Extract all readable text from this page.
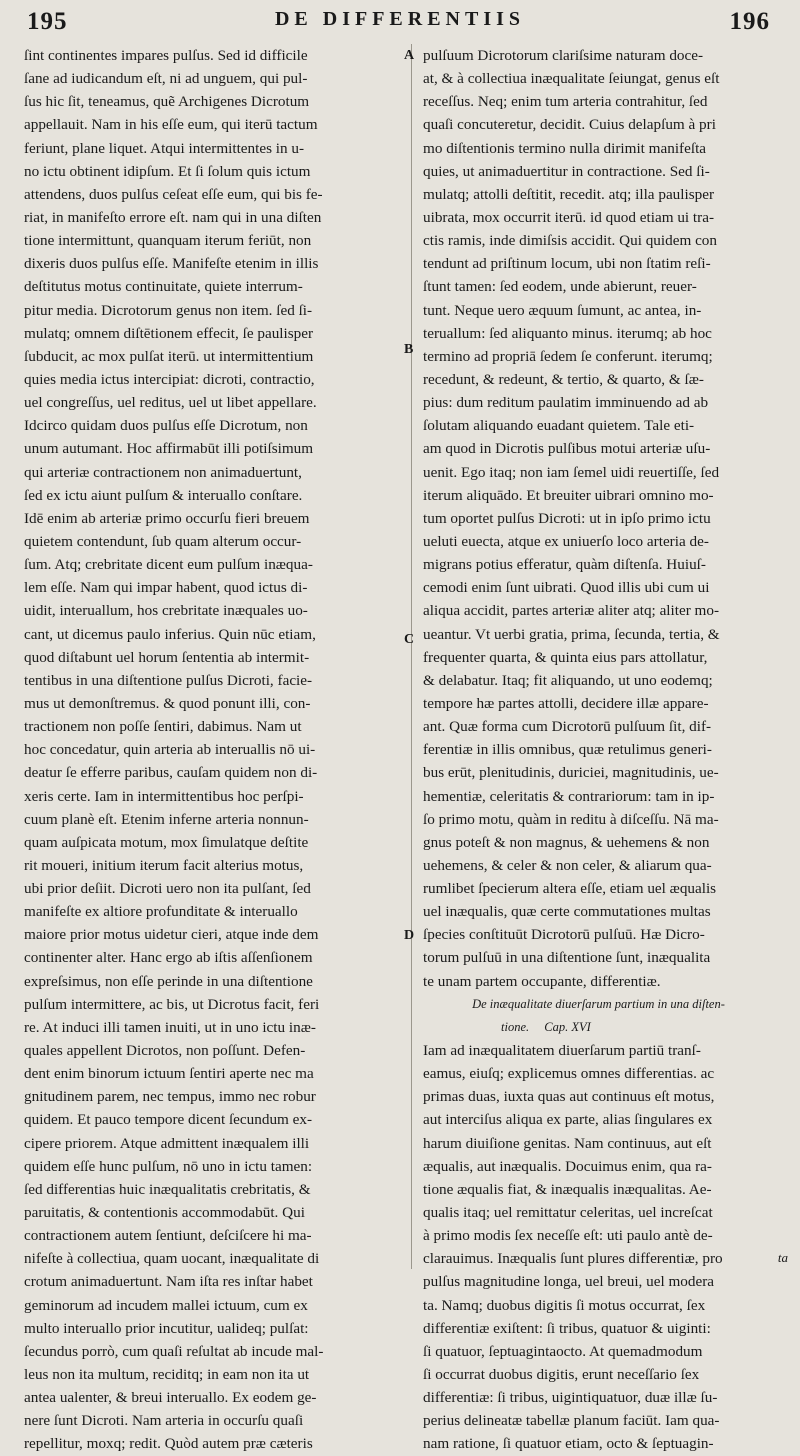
195	DE DIFFERENTIIS	196
A
B
C
D
ſint continentes impares pulſus. Sed id difficile
ſane ad iudicandum eſt, ni ad unguem, qui pul-
ſus hic ſit, teneamus, quẽ Archigenes Dicrotum
appellauit. Nam in his eſſe eum, qui iterū tactum
feriunt, plane liquet. Atqui intermittentes in u-
no ictu obtinent idipſum. Et ſi ſolum quis ictum
attendens, duos pulſus ceſeat eſſe eum, qui bis fe-
riat, in manifeſto errore eſt. nam qui in una diſten
tione intermittunt, quanquam iterum feriūt, non
dixeris duos pulſus eſſe. Manifeſte etenim in illis
deſtitutus motus continuitate, quiete interrum-
pitur media. Dicrotorum genus non item. ſed ſi-
mulatq; omnem diſtētionem effecit, ſe paulisper
ſubducit, ac mox pulſat iterū. ut intermittentium
quies media ictus intercipiat: dicroti, contractio,
uel congreſſus, uel reditus, uel ut libet appellare.
Idcirco quidam duos pulſus eſſe Dicrotum, non
unum autumant. Hoc affirmabūt illi potiſsimum
qui arteriæ contractionem non animaduertunt,
ſed ex ictu aiunt pulſum & interuallo conſtare.
Idē enim ab arteriæ primo occurſu fieri breuem
quietem contendunt, ſub quam alterum occur-
ſum. Atq; crebritate dicent eum pulſum inæqua-
lem eſſe. Nam qui impar habent, quod ictus di-
uidit, interuallum, hos crebritate inæquales uo-
cant, ut dicemus paulo inferius. Quin nūc etiam,
quod diſtabunt uel horum ſententia ab intermit-
tentibus in una diſtentione pulſus Dicroti, facie-
mus ut demonſtremus. & quod ponunt illi, con-
tractionem non poſſe ſentiri, dabimus. Nam ut
hoc concedatur, quin arteria ab interuallis nō ui-
deatur ſe efferre paribus, cauſam quidem non di-
xeris certe. Iam in intermittentibus hoc perſpi-
cuum planè eſt. Etenim inferne arteria nonnun-
quam auſpicata motum, mox ſimulatque deſtite
rit moueri, initium iterum facit alterius motus,
ubi prior deſiit. Dicroti uero non ita pulſant, ſed
manifeſte ex altiore profunditate & interuallo
maiore prior motus uidetur cieri, atque inde dem
continenter alter. Hanc ergo ab iſtis aſſenſionem
expreſsimus, non eſſe perinde in una diſtentione
pulſum intermittere, ac bis, ut Dicrotus facit, feri
re. At induci illi tamen inuiti, ut in uno ictu inæ-
quales appellent Dicrotos, non poſſunt. Defen-
dent enim binorum ictuum ſentiri aperte nec ma
gnitudinem parem, nec tempus, immo nec robur
quidem. Et pauco tempore dicent ſecundum ex-
cipere priorem. Atque admittent inæqualem illi
quidem eſſe hunc pulſum, nō uno in ictu tamen:
ſed differentias huic inæqualitatis crebritatis, &
paruitatis, & contentionis accommodabūt. Qui
contractionem autem ſentiunt, deſciſcere hi ma-
nifeſte à collectiua, quam uocant, inæqualitate di
crotum animaduertunt. Nam iſta res inſtar habet
geminorum ad incudem mallei ictuum, cum ex
multo interuallo prior incutitur, ualideq; pulſat:
ſecundus porrò, cum quaſi reſultat ab incude mal-
leus non ita multum, reciditq; in eam non ita ut
antea ualenter, & breui interuallo. Ex eodem ge-
nere ſunt Dicroti. Nam arteria in occurſu quaſi
repellitur, moxq; redit. Quòd autem præ cæteris
pulſuum Dicrotorum clariſsime naturam doce-
at, & à collectiua inæqualitate ſeiungat, genus eſt
receſſus. Neq; enim tum arteria contrahitur, ſed
quaſi concuteretur, decidit. Cuius delapſum à pri
mo diſtentionis termino nulla dirimit manifeſta
quies, ut animaduertitur in contractione. Sed ſi-
mulatq; attolli deſtitit, recedit. atq; illa paulisper
uibrata, mox occurrit iterū. id quod etiam ui tra-
ctis ramis, inde dimiſsis accidit. Qui quidem con
tendunt ad priſtinum locum, ubi non ſtatim reſi-
ſtunt tamen: ſed eodem, unde abierunt, reuer-
tunt. Neque uero æquum ſumunt, ac antea, in-
teruallum: ſed aliquanto minus. iterumq; ab hoc
termino ad propriā ſedem ſe conferunt. iterumq;
recedunt, & redeunt, & tertio, & quarto, & ſæ-
pius: dum reditum paulatim imminuendo ad ab
ſolutam aliquando euadant quietem. Tale eti-
am quod in Dicrotis pulſibus motui arteriæ uſu-
uenit. Ego itaq; non iam ſemel uidi reuertiſſe, ſed
iterum aliquādo. Et breuiter uibrari omnino mo-
tum oportet pulſus Dicroti: ut in ipſo primo ictu
ueluti euecta, atque ex uniuerſo loco arteria de-
migrans potius efferatur, quàm diſtenſa. Huiuſ-
cemodi enim ſunt uibrati. Quod illis ubi cum ui
aliqua accidit, partes arteriæ aliter atq; aliter mo-
ueantur. Vt uerbi gratia, prima, ſecunda, tertia, &
frequenter quarta, & quinta eius pars attollatur,
& delabatur. Itaq; fit aliquando, ut uno eodemq;
tempore hæ partes attolli, decidere illæ appare-
ant. Quæ forma cum Dicrotorū pulſuum ſit, dif-
ferentiæ in illis omnibus, quæ retulimus generi-
bus erūt, plenitudinis, duriciei, magnitudinis, ue-
hementiæ, celeritatis & contrariorum: tam in ip-
ſo primo motu, quàm in reditu à diſceſſu. Nā ma-
gnus poteſt & non magnus, & uehemens & non
uehemens, & celer & non celer, & aliarum qua-
rumlibet ſpecierum altera eſſe, etiam uel æqualis
uel inæqualis, quæ certe commutationes multas
ſpecies conſtituūt Dicrotorū pulſuū. Hæ Dicro-
torum pulſuū in una diſtentione ſunt, inæqualita
te unam partem occupante, differentiæ.
De inæqualitate diuerſarum partium in una diſten-
tione. Cap. XVI
Iam ad inæqualitatem diuerſarum partiū tranſ-
eamus, eiuſq; explicemus omnes differentias. ac
primas duas, iuxta quas aut continuus eſt motus,
aut interciſus aliqua ex parte, alias ſingulares ex
harum diuiſione genitas. Nam continuus, aut eſt
æqualis, aut inæqualis. Docuimus enim, qua ra-
tione æqualis fiat, & inæqualis inæqualitas. Ae-
qualis itaq; uel remittatur celeritas, uel increſcat
à primo modis ſex neceſſe eſt: uti paulo antè de-
clarauimus. Inæqualis ſunt plures differentiæ, pro
pulſus magnitudine longa, uel breui, uel modera
ta. Namq; duobus digitis ſi motus occurrat, ſex
differentiæ exiſtent: ſi tribus, quatuor & uiginti:
ſi quatuor, ſeptuagintaocto. At quemadmodum
ſi occurrat duobus digitis, erunt neceſſario ſex
differentiæ: ſi tribus, uigintiquatuor, duæ illæ ſu-
perius delineatæ tabellæ planum faciūt. Iam qua-
nam ratione, ſi quatuor etiam, octo & ſeptuagin-
ta
